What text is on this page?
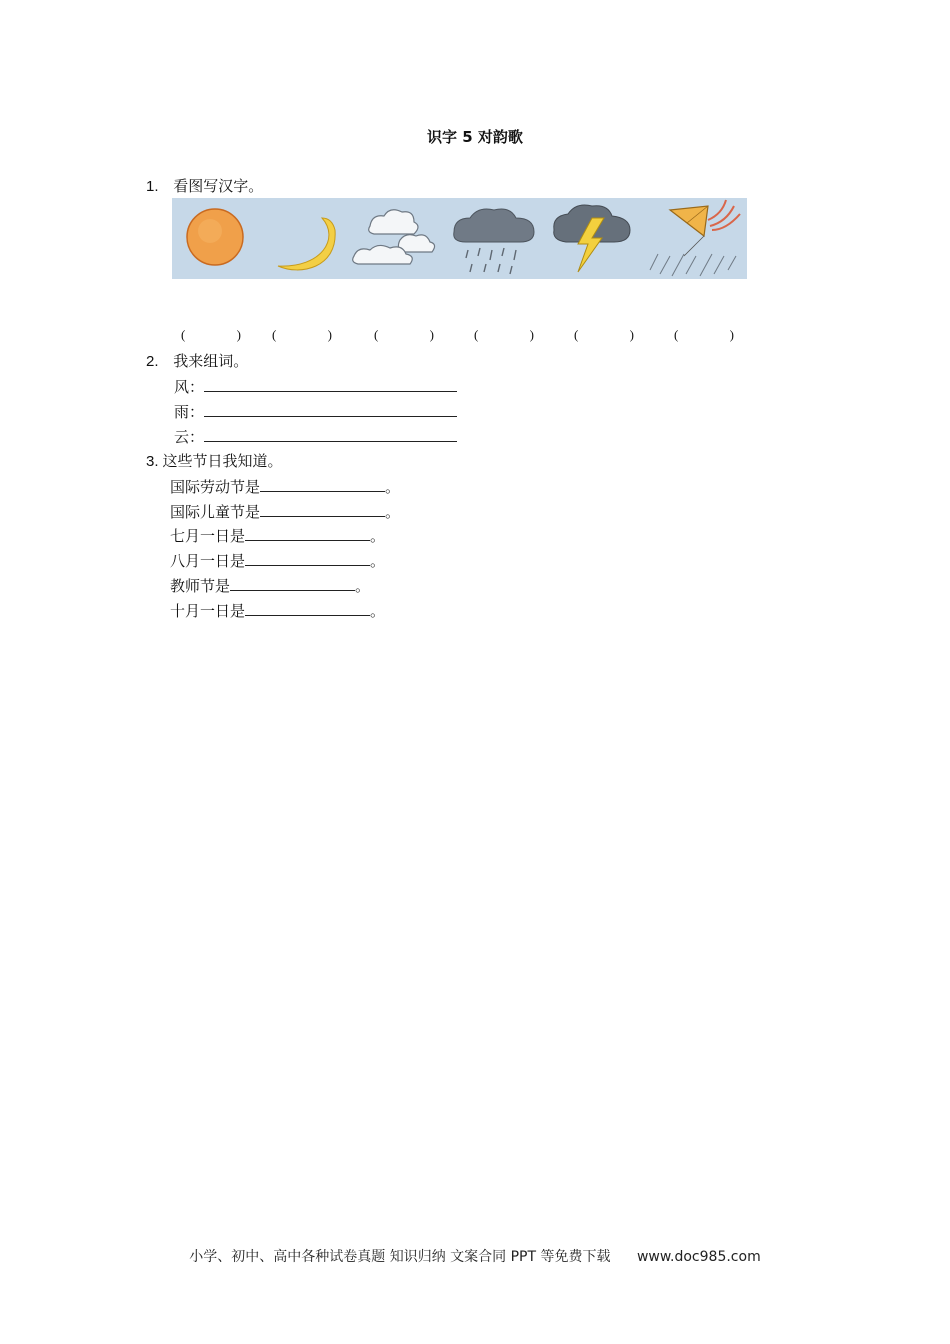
识字 5 对韵歌
1. 看图写汉字。
(	) (	)	(	)	(	)	(	)	(	)
2. 我来组词。
风：
雨：
云：
3. 这些节日我知道。
国际劳动节是	。
国际儿童节是	。
七月一日是	。
八月一日是	。
教师节是	。
十月一日是	。
小学、初中、高中各种试卷真题 知识归纳 文案合同 PPT 等免费下载 www.doc985.com
